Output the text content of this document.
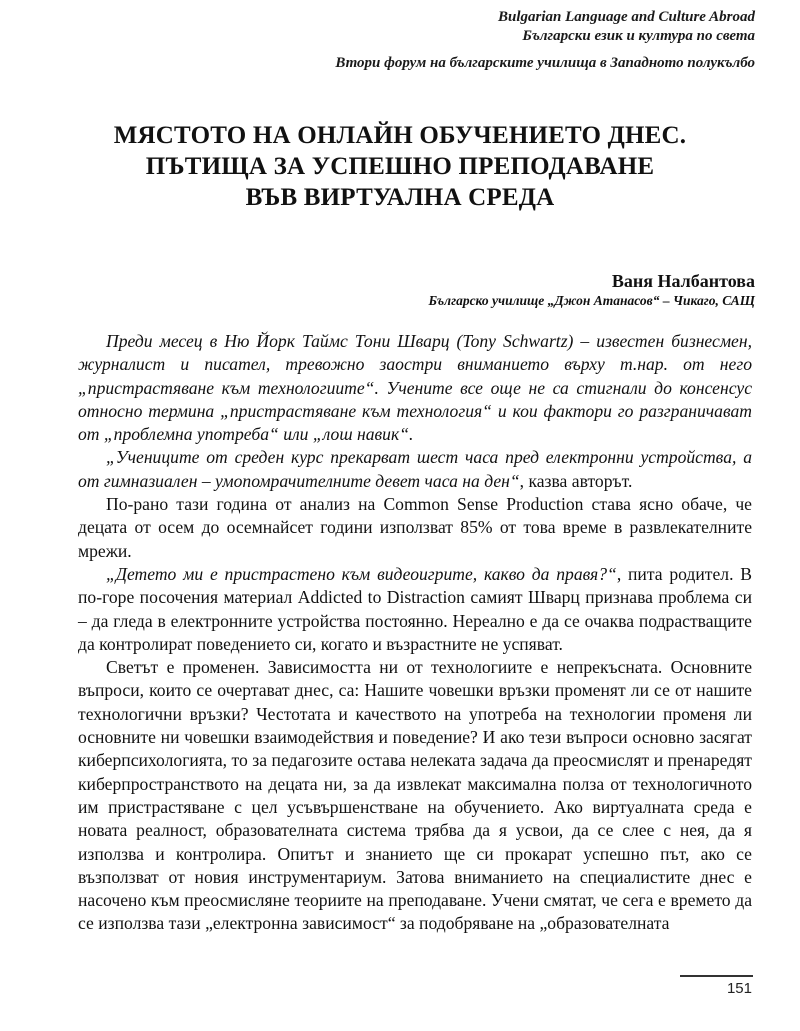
Bulgarian Language and Culture Abroad
Български език и култура по света
Втори форум на българските училища в Западното полукълбо
МЯСТОТО НА ОНЛАЙН ОБУЧЕНИЕТО ДНЕС.
ПЪТИЩА ЗА УСПЕШНО ПРЕПОДАВАНЕ
ВЪВ ВИРТУАЛНА СРЕДА
Ваня Налбантова
Българско училище „Джон Атанасов“ – Чикаго, САЩ

Преди месец в Ню Йорк Таймс Тони Шварц (Tony Schwartz) – известен бизнесмен, журналист и писател, тревожно заостри вниманието върху т.нар. от него „пристрастяване към технологиите“. Учените все още не са стигнали до консенсус относно термина „пристрастяване към технология“ и кои фактори го разграничават от „проблемна употреба“ или „лош навик“.

„Учениците от среден курс прекарват шест часа пред електронни устройства, а от гимназиален – умопомрачителните девет часа на ден“, казва авторът.

По-рано тази година от анализ на Common Sense Production става ясно обаче, че децата от осем до осемнайсет години използват 85% от това време в развлекателните мрежи.

„Детето ми е пристрастено към видеоигрите, какво да правя?“, пита родител. В по-горе посочения материал Addicted to Distraction самият Шварц признава проблема си – да гледа в електронните устройства постоянно. Нереално е да се очаква подрастващите да контролират поведението си, когато и възрастните не успяват.

Светът е променен. Зависимостта ни от технологиите е непрекъсната. Основните въпроси, които се очертават днес, са: Нашите човешки връзки променят ли се от нашите технологични връзки? Честотата и качеството на употреба на технологии променя ли основните ни човешки взаимодействия и поведение? И ако тези въпроси основно засягат киберпсихологията, то за педагозите остава нелеката задача да преосмислят и пренаредят киберпространството на децата ни, за да извлекат максимална полза от технологичното им пристрастяване с цел усъвършенстване на обучението. Ако виртуалната среда е новата реалност, образователната система трябва да я усвои, да се слее с нея, да я използва и контролира. Опитът и знанието ще си прокарат успешно път, ако се възползват от новия инструментариум. Затова вниманието на специалистите днес е насочено към преосмисляне теориите на преподаване. Учени смятат, че сега е времето да се използва тази „електронна зависимост“ за подобряване на „образователната

151
